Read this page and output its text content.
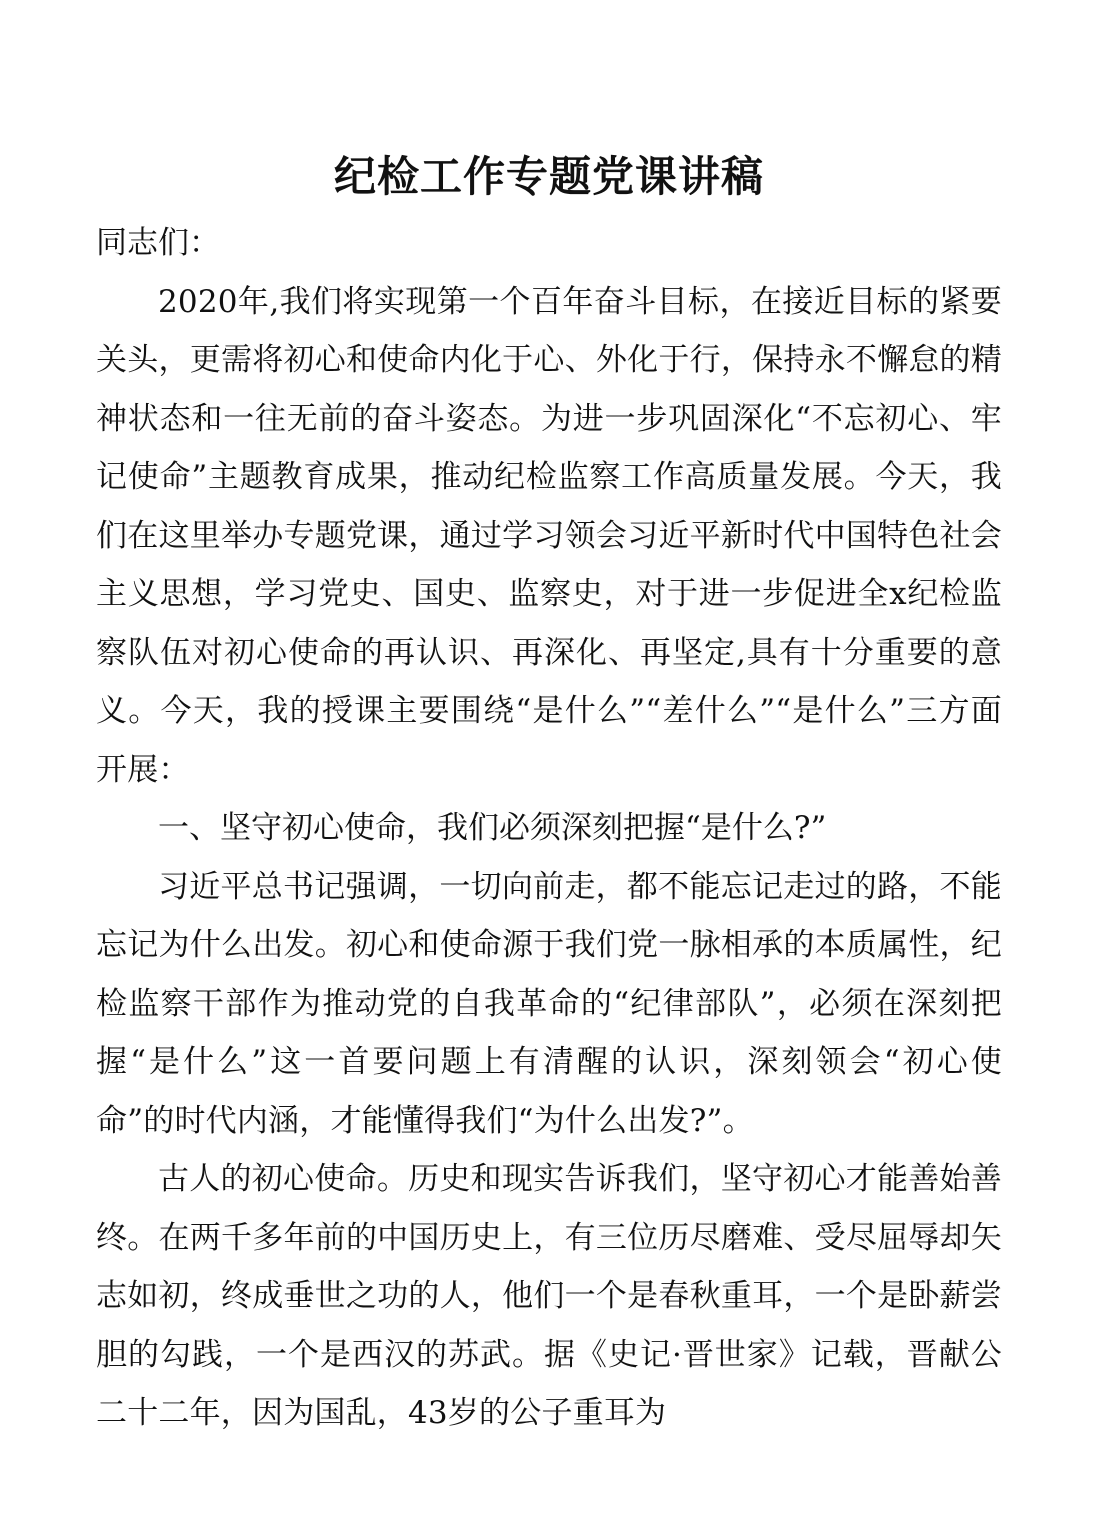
纪检工作专题党课讲稿

同志们：

2020年,我们将实现第一个百年奋斗目标，在接近目标的紧要关头，更需将初心和使命内化于心、外化于行，保持永不懈怠的精神状态和一往无前的奋斗姿态。为进一步巩固深化“不忘初心、牢记使命”主题教育成果，推动纪检监察工作高质量发展。今天，我们在这里举办专题党课，通过学习领会习近平新时代中国特色社会主义思想，学习党史、国史、监察史，对于进一步促进全x纪检监察队伍对初心使命的再认识、再深化、再坚定,具有十分重要的意义。今天，我的授课主要围绕“是什么”“差什么”“是什么”三方面开展：

一、坚守初心使命，我们必须深刻把握“是什么?”

习近平总书记强调，一切向前走，都不能忘记走过的路，不能忘记为什么出发。初心和使命源于我们党一脉相承的本质属性，纪检监察干部作为推动党的自我革命的“纪律部队”，必须在深刻把握“是什么”这一首要问题上有清醒的认识，深刻领会“初心使命”的时代内涵，才能懂得我们“为什么出发?”。

古人的初心使命。历史和现实告诉我们，坚守初心才能善始善终。在两千多年前的中国历史上，有三位历尽磨难、受尽屈辱却矢志如初，终成垂世之功的人，他们一个是春秋重耳，一个是卧薪尝胆的勾践，一个是西汉的苏武。据《史记·晋世家》记载，晋献公二十二年，因为国乱，43岁的公子重耳为
